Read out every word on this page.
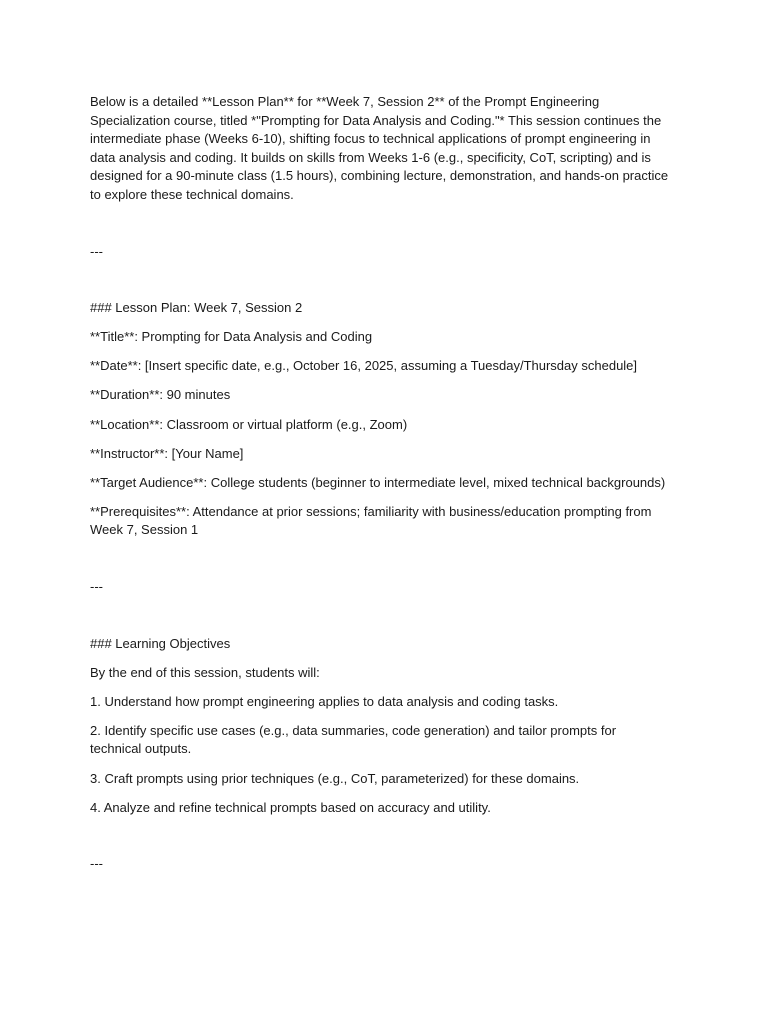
Below is a detailed **Lesson Plan** for **Week 7, Session 2** of the Prompt Engineering Specialization course, titled *"Prompting for Data Analysis and Coding."* This session continues the intermediate phase (Weeks 6-10), shifting focus to technical applications of prompt engineering in data analysis and coding. It builds on skills from Weeks 1-6 (e.g., specificity, CoT, scripting) and is designed for a 90-minute class (1.5 hours), combining lecture, demonstration, and hands-on practice to explore these technical domains.

---

### Lesson Plan: Week 7, Session 2

**Title**: Prompting for Data Analysis and Coding

**Date**: [Insert specific date, e.g., October 16, 2025, assuming a Tuesday/Thursday schedule]

**Duration**: 90 minutes

**Location**: Classroom or virtual platform (e.g., Zoom)

**Instructor**: [Your Name]

**Target Audience**: College students (beginner to intermediate level, mixed technical backgrounds)

**Prerequisites**: Attendance at prior sessions; familiarity with business/education prompting from Week 7, Session 1

---

### Learning Objectives

By the end of this session, students will:

1. Understand how prompt engineering applies to data analysis and coding tasks.

2. Identify specific use cases (e.g., data summaries, code generation) and tailor prompts for technical outputs.

3. Craft prompts using prior techniques (e.g., CoT, parameterized) for these domains.

4. Analyze and refine technical prompts based on accuracy and utility.

---
